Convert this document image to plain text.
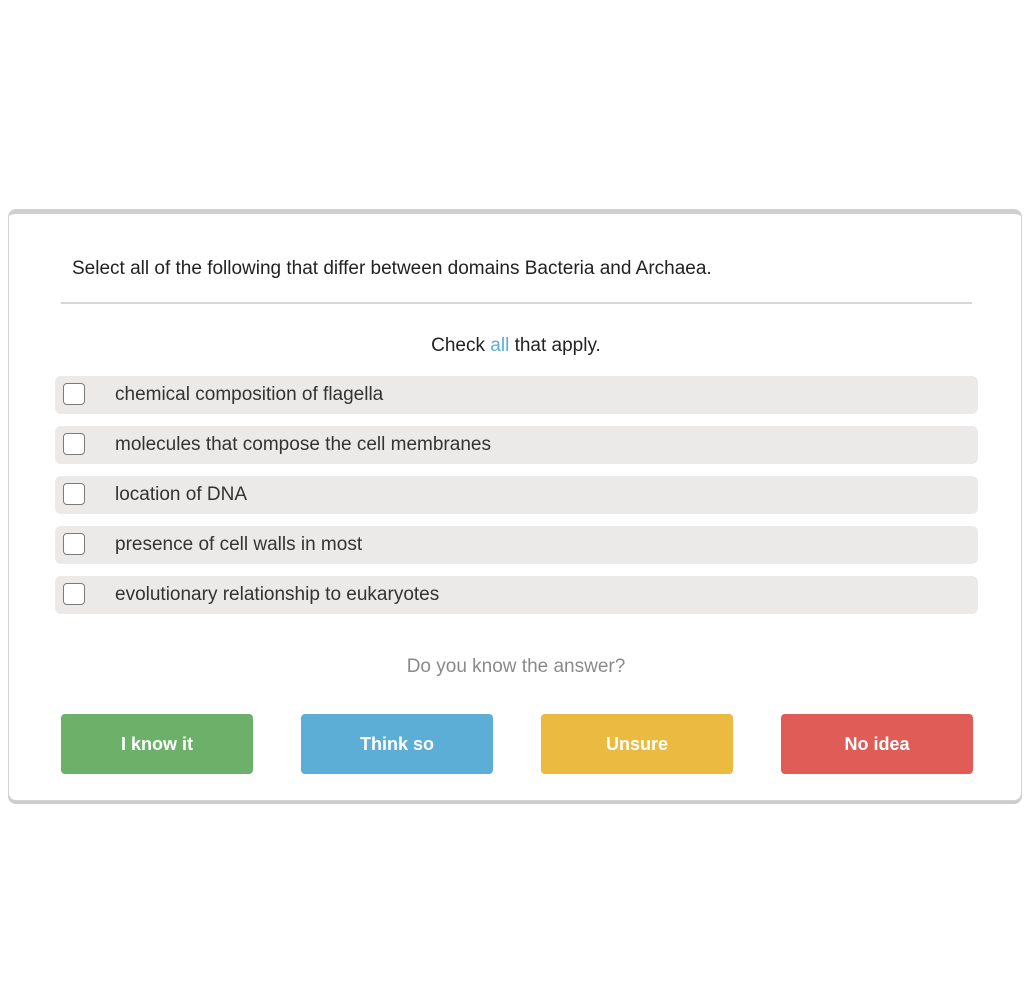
Select all of the following that differ between domains Bacteria and Archaea.
Check all that apply.
chemical composition of flagella
molecules that compose the cell membranes
location of DNA
presence of cell walls in most
evolutionary relationship to eukaryotes
Do you know the answer?
I know it	Think so	Unsure	No idea
